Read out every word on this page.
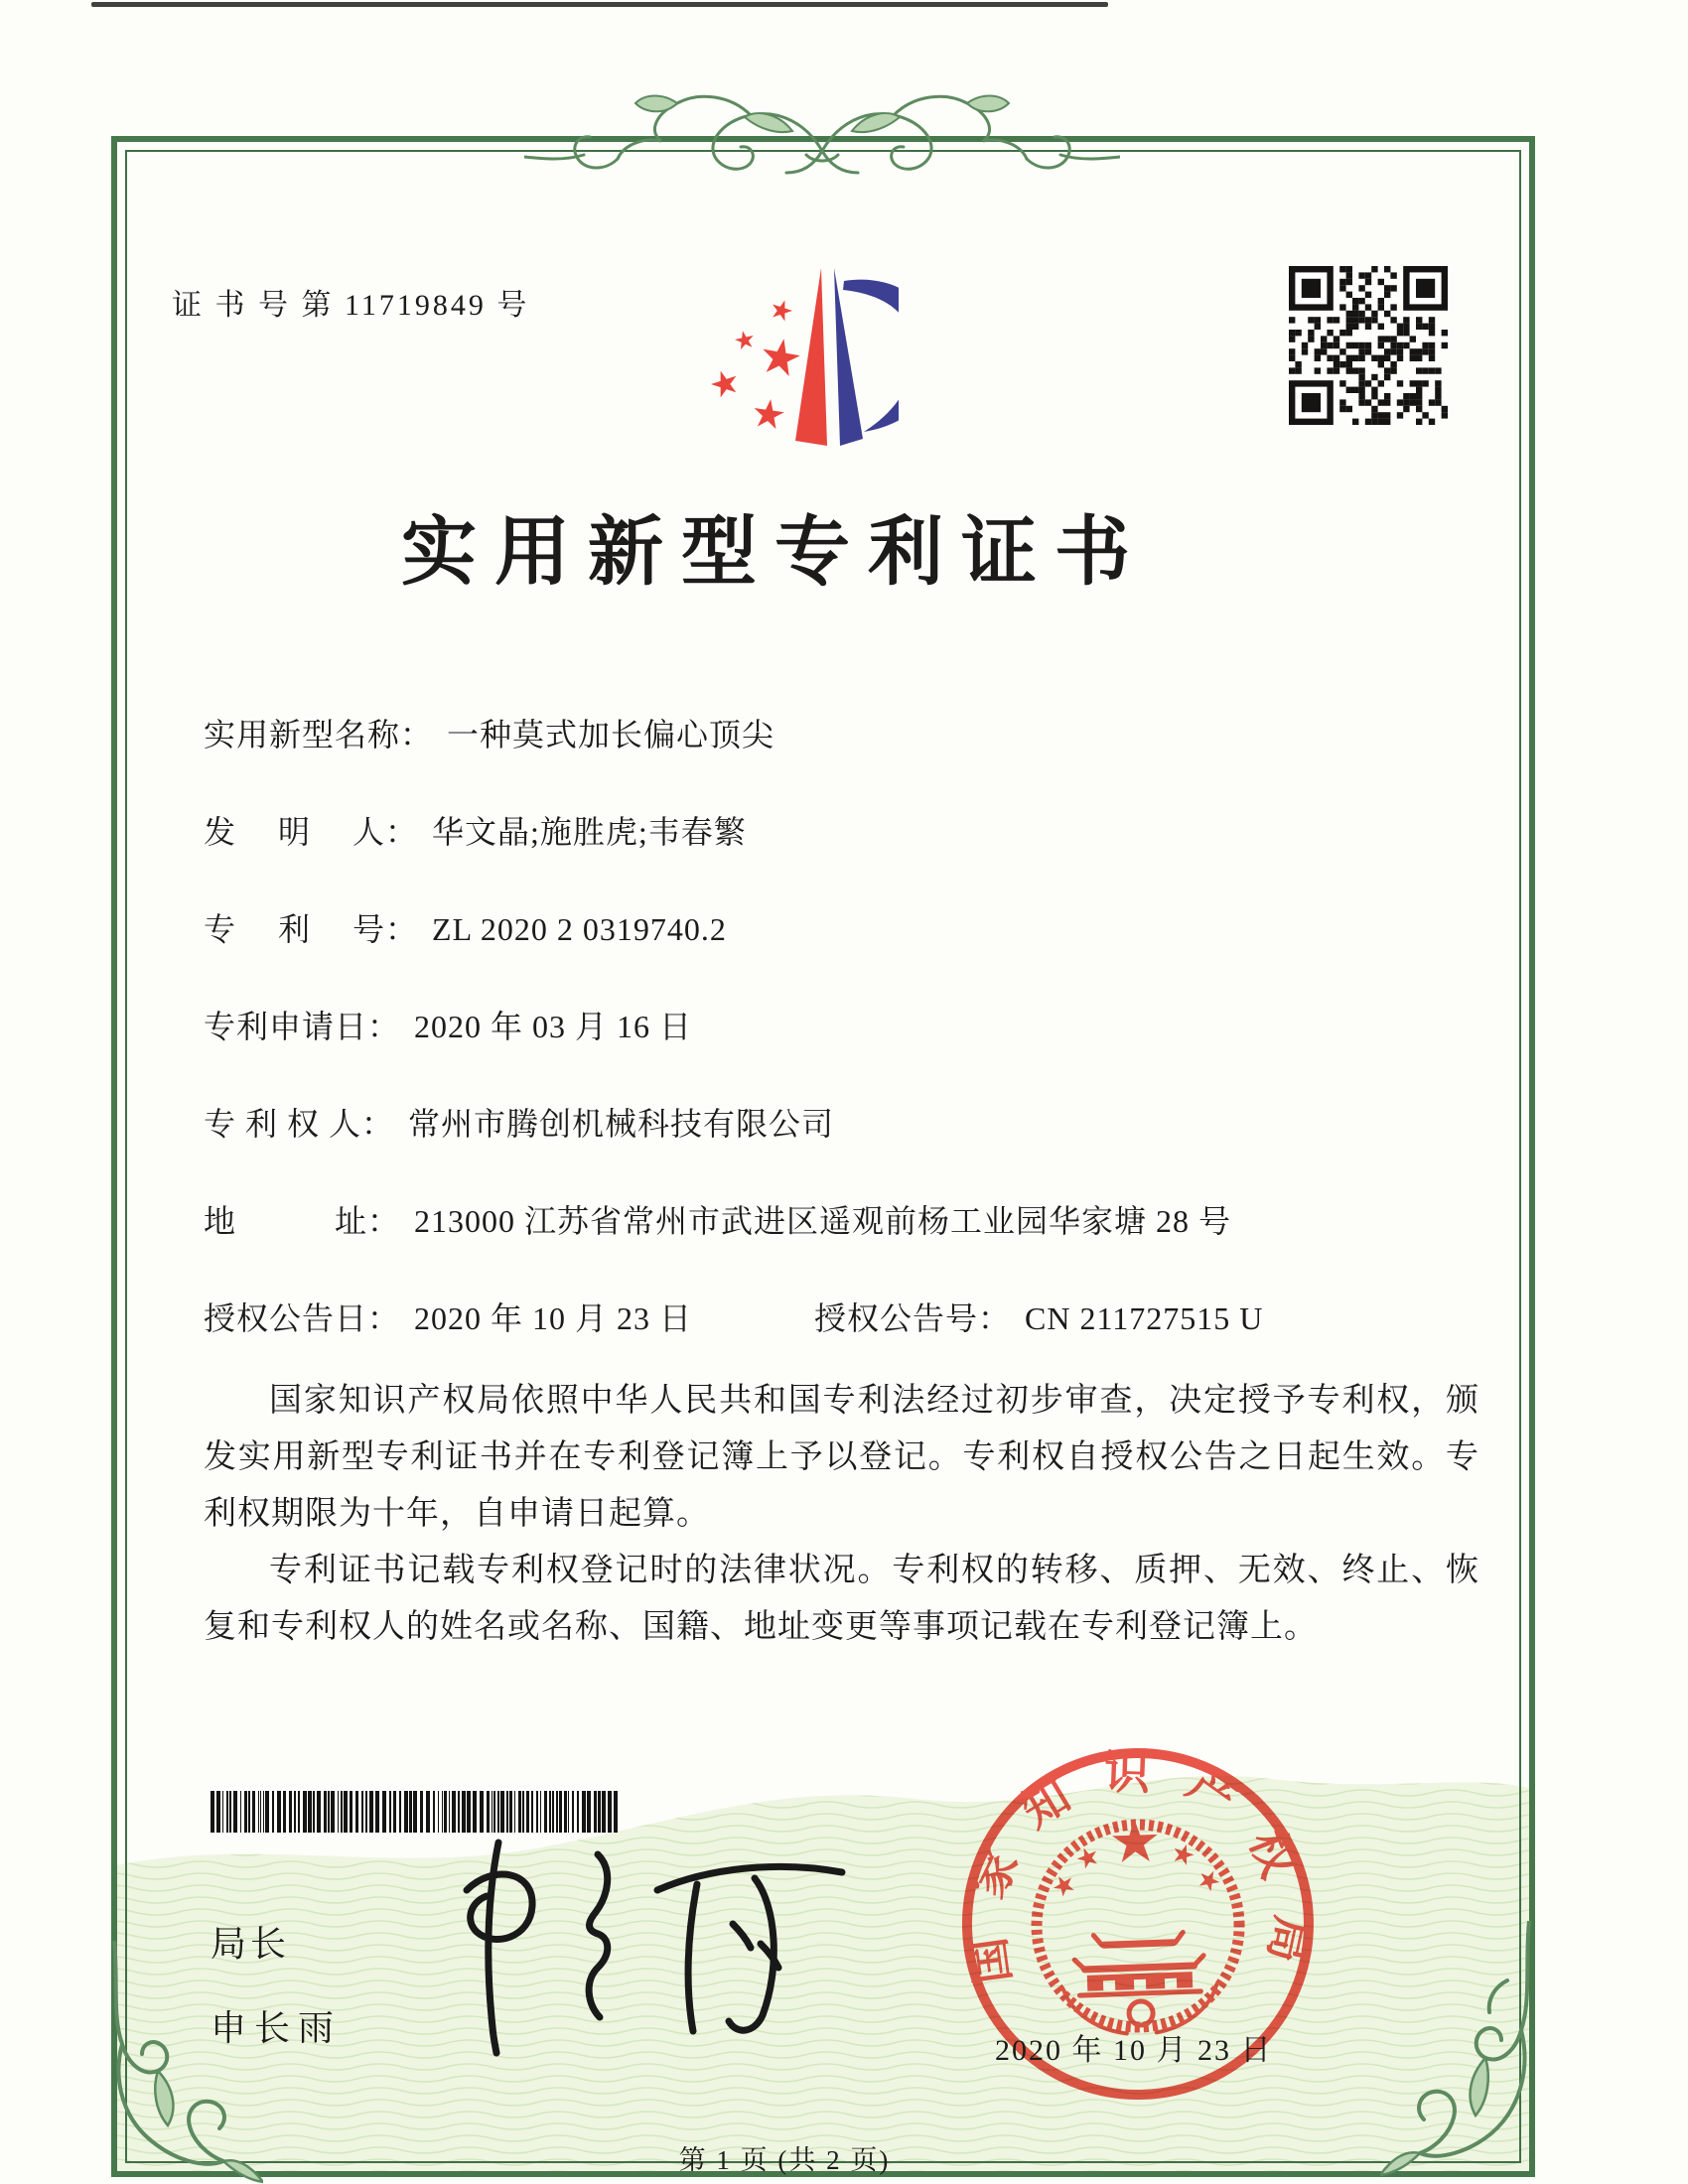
证 书 号 第 11719849 号
实用新型专利证书
实用新型名称： 一种莫式加长偏心顶尖
发　 明　 人： 华文晶;施胜虎;韦春繁
专　 利　 号： ZL 2020 2 0319740.2
专利申请日： 2020 年 03 月 16 日
专 利 权 人： 常州市腾创机械科技有限公司
地　　　址： 213000 江苏省常州市武进区遥观前杨工业园华家塘 28 号
授权公告日： 2020 年 10 月 23 日	授权公告号： CN 211727515 U

国家知识产权局依照中华人民共和国专利法经过初步审查，决定授予专利权，颁发实用新型专利证书并在专利登记簿上予以登记。专利权自授权公告之日起生效。专利权期限为十年，自申请日起算。

专利证书记载专利权登记时的法律状况。专利权的转移、质押、无效、终止、恢复和专利权人的姓名或名称、国籍、地址变更等事项记载在专利登记簿上。

局长
申长雨
国家知识产权局
2020 年 10 月 23 日
第 1 页 (共 2 页)
